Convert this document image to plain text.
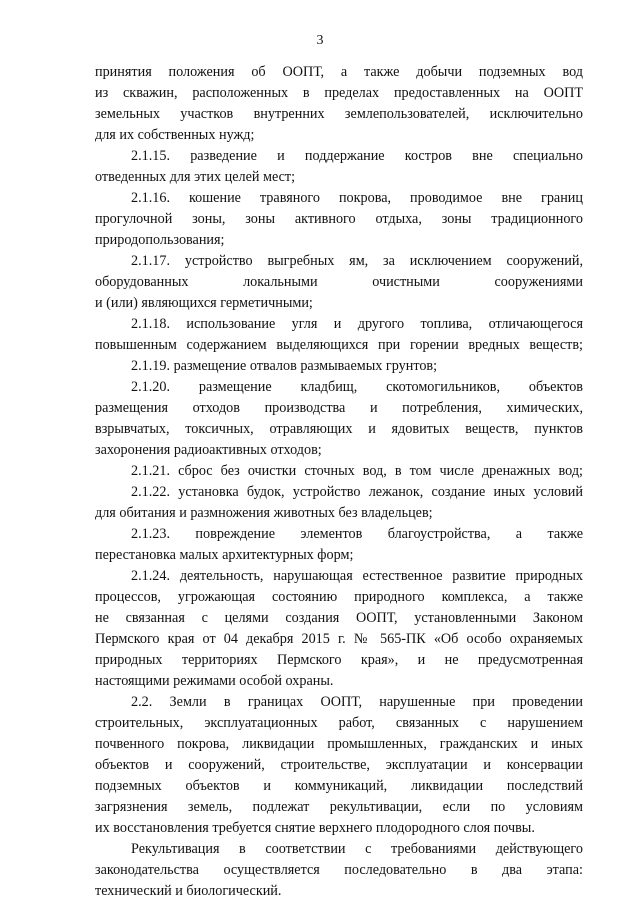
3
принятия положения об ООПТ, а также добычи подземных вод
из скважин, расположенных в пределах предоставленных на ООПТ
земельных участков внутренних землепользователей, исключительно
для их собственных нужд;
2.1.15. разведение и поддержание костров вне специально
отведенных для этих целей мест;
2.1.16. кошение травяного покрова, проводимое вне границ
прогулочной зоны, зоны активного отдыха, зоны традиционного
природопользования;
2.1.17. устройство выгребных ям, за исключением сооружений,
оборудованных локальными очистными сооружениями
и (или) являющихся герметичными;
2.1.18. использование угля и другого топлива, отличающегося
повышенным содержанием выделяющихся при горении вредных веществ;
2.1.19. размещение отвалов размываемых грунтов;
2.1.20. размещение кладбищ, скотомогильников, объектов
размещения отходов производства и потребления, химических,
взрывчатых, токсичных, отравляющих и ядовитых веществ, пунктов
захоронения радиоактивных отходов;
2.1.21. сброс без очистки сточных вод, в том числе дренажных вод;
2.1.22. установка будок, устройство лежанок, создание иных условий
для обитания и размножения животных без владельцев;
2.1.23. повреждение элементов благоустройства, а также
перестановка малых архитектурных форм;
2.1.24. деятельность, нарушающая естественное развитие природных
процессов, угрожающая состоянию природного комплекса, а также
не связанная с целями создания ООПТ, установленными Законом
Пермского края от 04 декабря 2015 г. № 565-ПК «Об особо охраняемых
природных территориях Пермского края», и не предусмотренная
настоящими режимами особой охраны.
2.2. Земли в границах ООПТ, нарушенные при проведении
строительных, эксплуатационных работ, связанных с нарушением
почвенного покрова, ликвидации промышленных, гражданских и иных
объектов и сооружений, строительстве, эксплуатации и консервации
подземных объектов и коммуникаций, ликвидации последствий
загрязнения земель, подлежат рекультивации, если по условиям
их восстановления требуется снятие верхнего плодородного слоя почвы.
Рекультивация в соответствии с требованиями действующего
законодательства осуществляется последовательно в два этапа:
технический и биологический.
